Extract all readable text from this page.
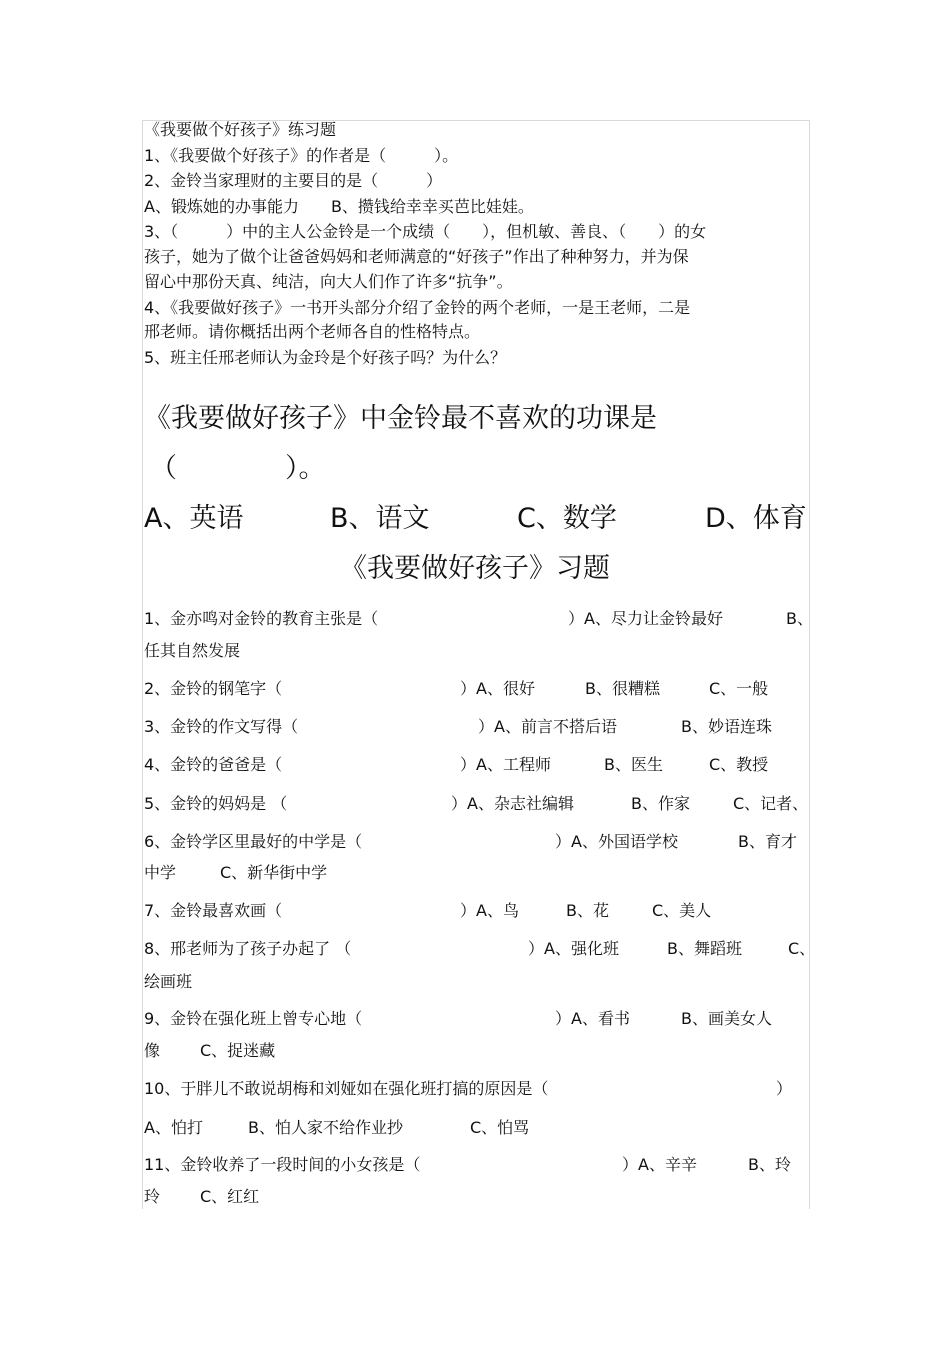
《我要做个好孩子》练习题
1、《我要做个好孩子》的作者是（　　　）。
2、金铃当家理财的主要目的是（　　　）
A、锻炼她的办事能力　　B、攒钱给幸幸买芭比娃娃。
3、（　　　）中的主人公金铃是一个成绩（　　），但机敏、善良、（　　）的女
孩子，她为了做个让爸爸妈妈和老师满意的“好孩子”作出了种种努力，并为保
留心中那份天真、纯洁，向大人们作了许多“抗争”。
4、《我要做好孩子》一书开头部分介绍了金铃的两个老师，一是王老师，二是
邢老师。请你概括出两个老师各自的性格特点。
5、班主任邢老师认为金玲是个好孩子吗？为什么？
《我要做好孩子》中金铃最不喜欢的功课是
（　　　　）。
A、英语	B、语文	C、数学	D、体育
《我要做好孩子》习题
1、金亦鸣对金铃的教育主张是（	）A、尽力让金铃最好	B、
任其自然发展
2、金铃的钢笔字（	）A、很好	B、很糟糕	C、一般
3、金铃的作文写得（	）A、前言不搭后语	B、妙语连珠
4、金铃的爸爸是（	）A、工程师	B、医生	C、教授
5、金铃的妈妈是 （	）A、杂志社编辑	B、作家	C、记者、
6、金铃学区里最好的中学是（	）A、外国语学校	B、育才
中学	C、新华街中学
7、金铃最喜欢画（	）A、鸟	B、花	C、美人
8、邢老师为了孩子办起了 （	）A、强化班	B、舞蹈班	C、
绘画班
9、金铃在强化班上曾专心地（	）A、看书	B、画美女人
像 C、捉迷藏
10、于胖儿不敢说胡梅和刘娅如在强化班打搞的原因是（	）
A、怕打	B、怕人家不给作业抄	C、怕骂
11、金铃收养了一段时间的小女孩是（	）A、辛辛	B、玲
玲 C、红红
